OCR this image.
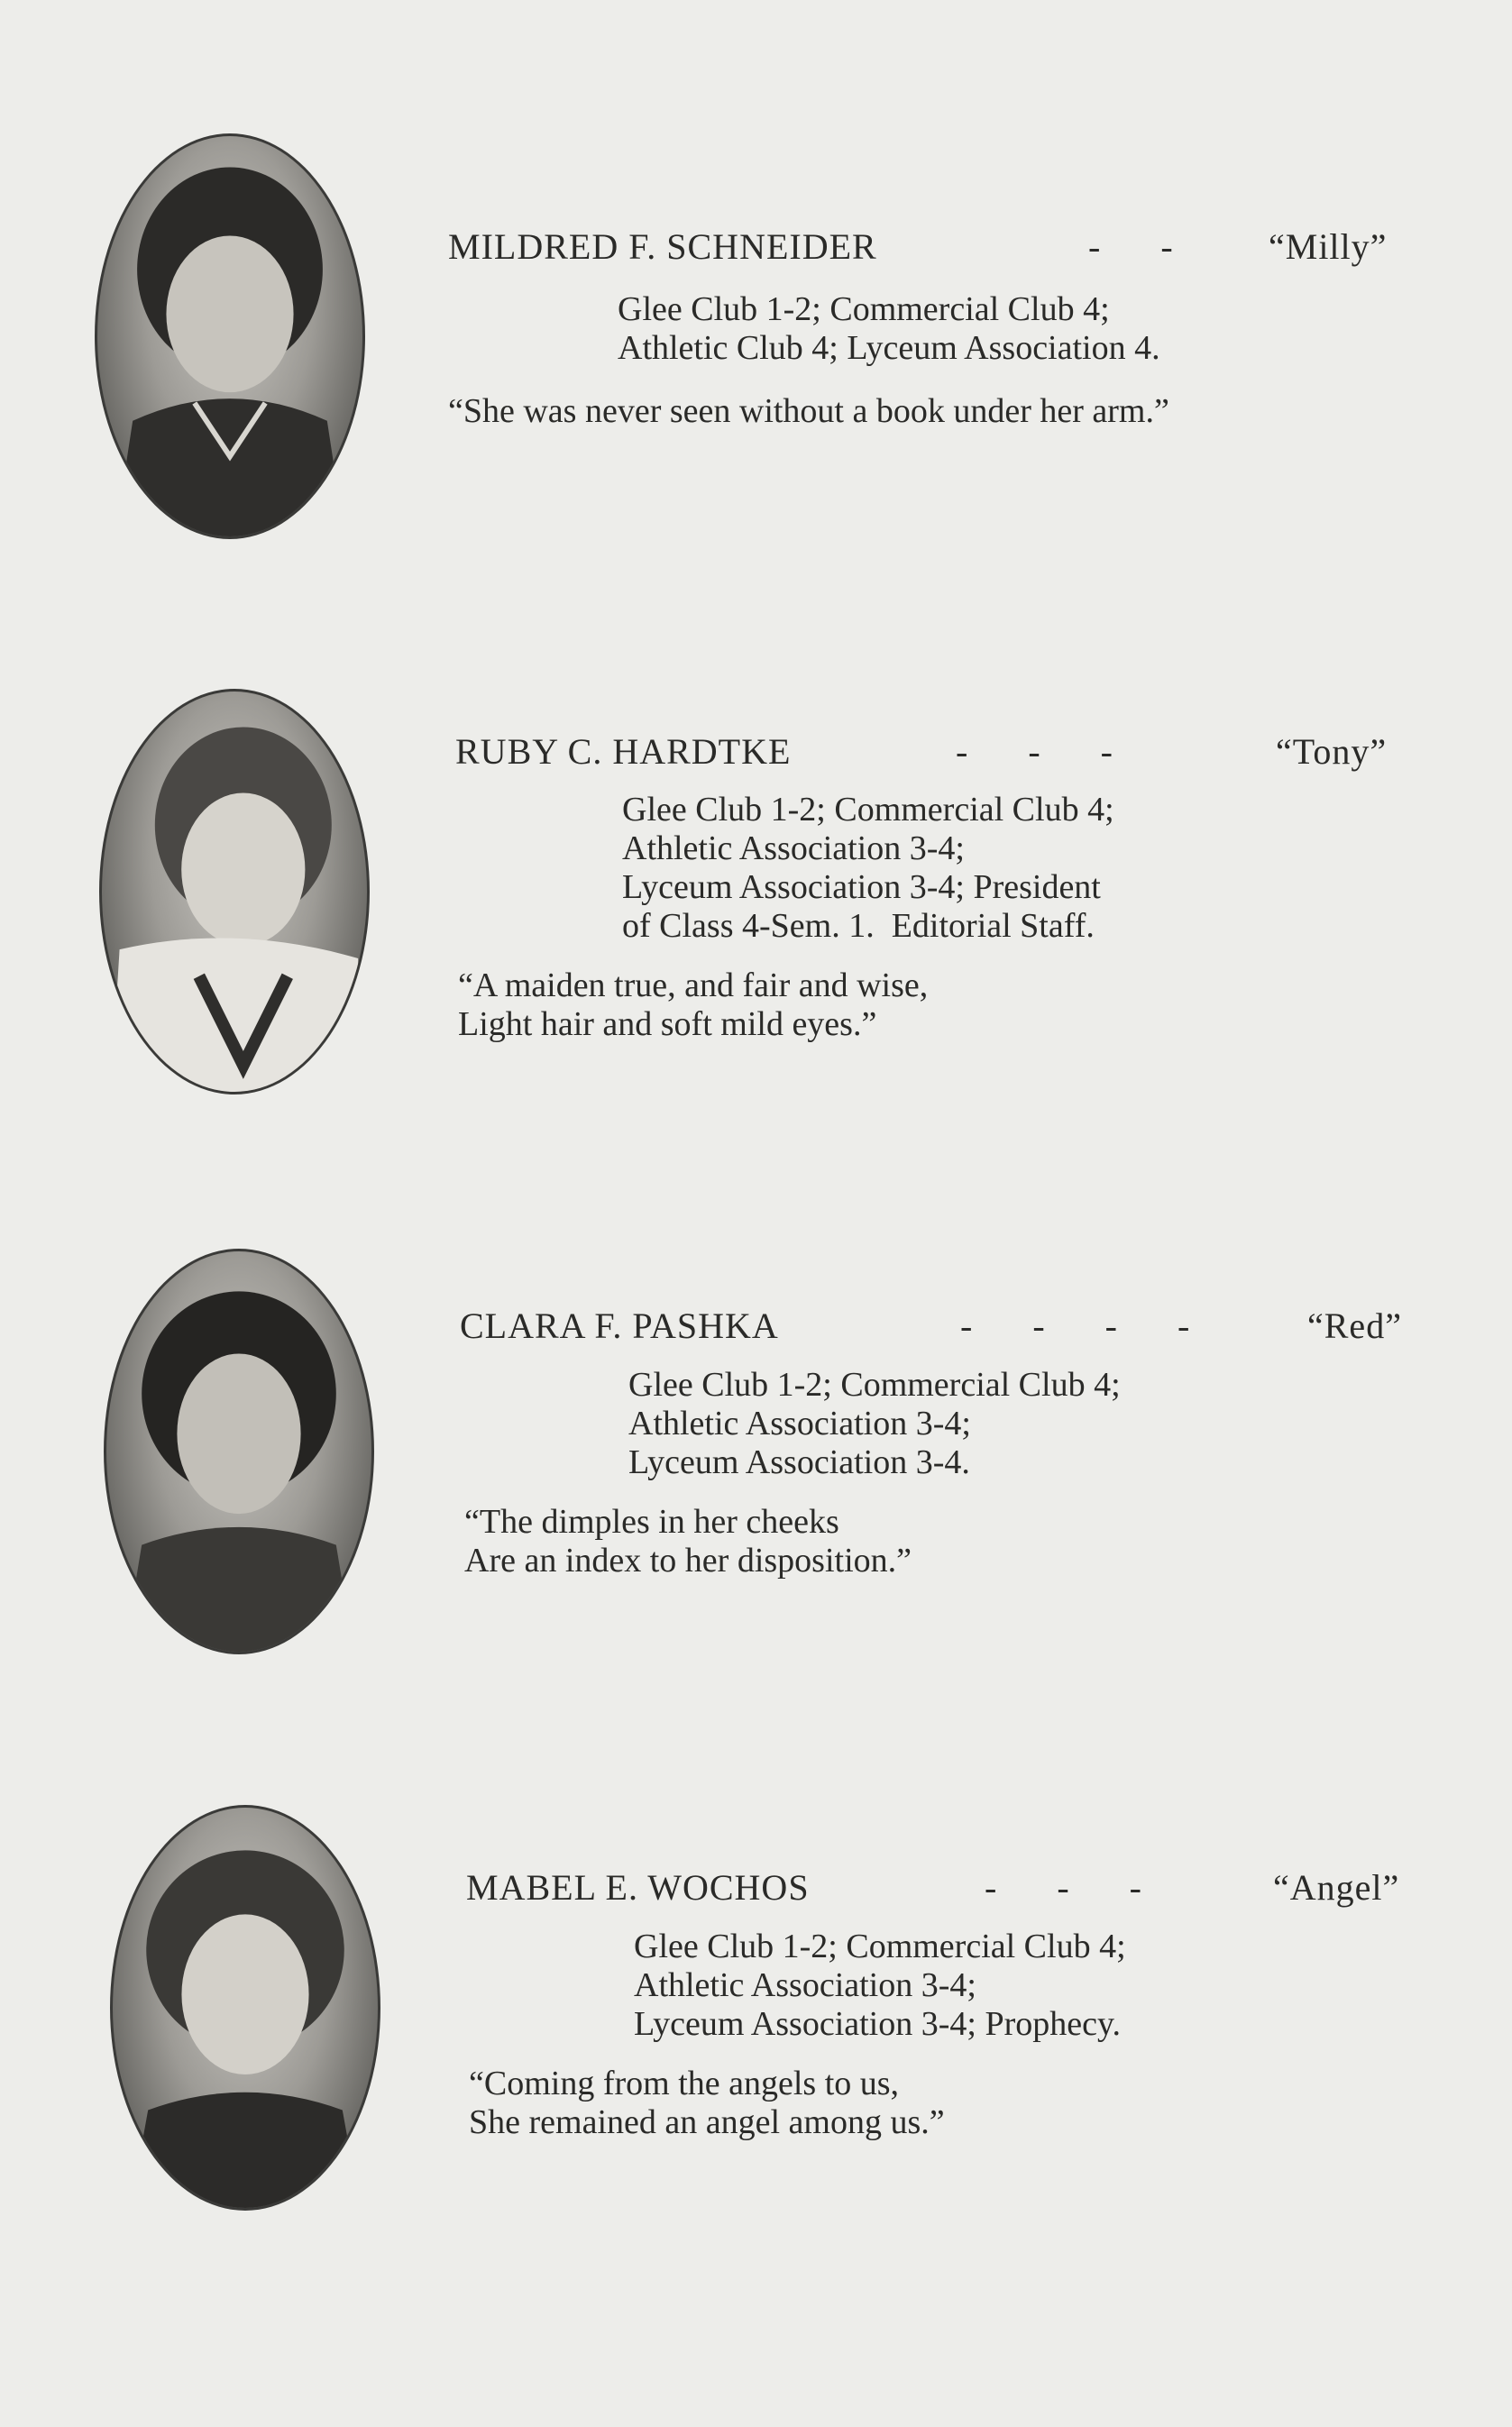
MILDRED F. SCHNEIDER	-      -	“Milly”
Glee Club 1-2; Commercial Club 4;
Athletic Club 4; Lyceum Association 4.
“She was never seen without a book under her arm.”
RUBY C. HARDTKE	-      -      -	“Tony”
Glee Club 1-2; Commercial Club 4;
Athletic Association 3-4;
Lyceum Association 3-4; President
of Class 4-Sem. 1.  Editorial Staff.
“A maiden true, and fair and wise,
Light hair and soft mild eyes.”
CLARA F. PASHKA	-      -      -      -	“Red”
Glee Club 1-2; Commercial Club 4;
Athletic Association 3-4;
Lyceum Association 3-4.
“The dimples in her cheeks
Are an index to her disposition.”
MABEL E. WOCHOS	-      -      -	“Angel”
Glee Club 1-2; Commercial Club 4;
Athletic Association 3-4;
Lyceum Association 3-4; Prophecy.
“Coming from the angels to us,
She remained an angel among us.”
